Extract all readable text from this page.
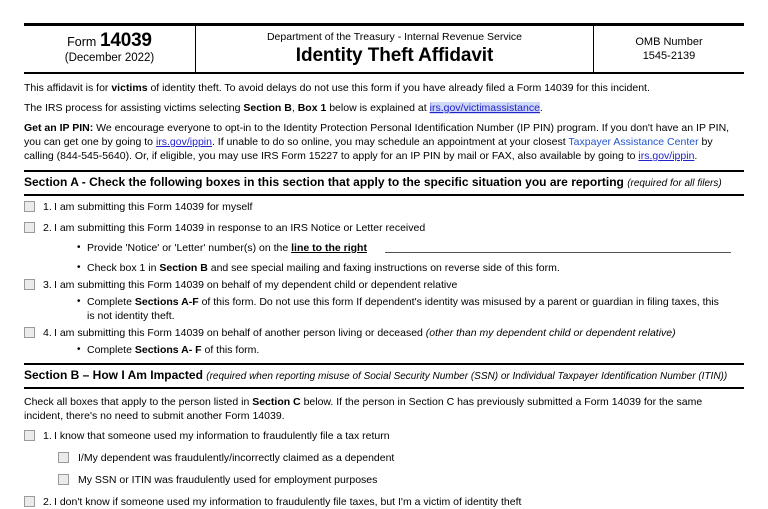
Form 14039
(December 2022)
Department of the Treasury - Internal Revenue Service
Identity Theft Affidavit
OMB Number
1545-2139

This affidavit is for victims of identity theft. To avoid delays do not use this form if you have already filed a Form 14039 for this incident.

The IRS process for assisting victims selecting Section B, Box 1 below is explained at irs.gov/victimassistance.

Get an IP PIN: We encourage everyone to opt-in to the Identity Protection Personal Identification Number (IP PIN) program. If you don't have an IP PIN, you can get one by going to irs.gov/ippin. If unable to do so online, you may schedule an appointment at your closest Taxpayer Assistance Center by calling (844-545-5640). Or, if eligible, you may use IRS Form 15227 to apply for an IP PIN by mail or FAX, also available by going to irs.gov/ippin.

Section A - Check the following boxes in this section that apply to the specific situation you are reporting (required for all filers)
1. I am submitting this Form 14039 for myself
2. I am submitting this Form 14039 in response to an IRS Notice or Letter received
• Provide 'Notice' or 'Letter' number(s) on the line to the right
• Check box 1 in Section B and see special mailing and faxing instructions on reverse side of this form.
3. I am submitting this Form 14039 on behalf of my dependent child or dependent relative
• Complete Sections A-F of this form. Do not use this form If dependent's identity was misused by a parent or guardian in filing taxes, this is not identity theft.
4. I am submitting this Form 14039 on behalf of another person living or deceased (other than my dependent child or dependent relative)
• Complete Sections A- F of this form.
Section B – How I Am Impacted (required when reporting misuse of Social Security Number (SSN) or Individual Taxpayer Identification Number (ITIN))
Check all boxes that apply to the person listed in Section C below. If the person in Section C has previously submitted a Form 14039 for the same incident, there's no need to submit another Form 14039.
1. I know that someone used my information to fraudulently file a tax return
I/My dependent was fraudulently/incorrectly claimed as a dependent
My SSN or ITIN was fraudulently used for employment purposes
2. I don't know if someone used my information to fraudulently file taxes, but I'm a victim of identity theft
